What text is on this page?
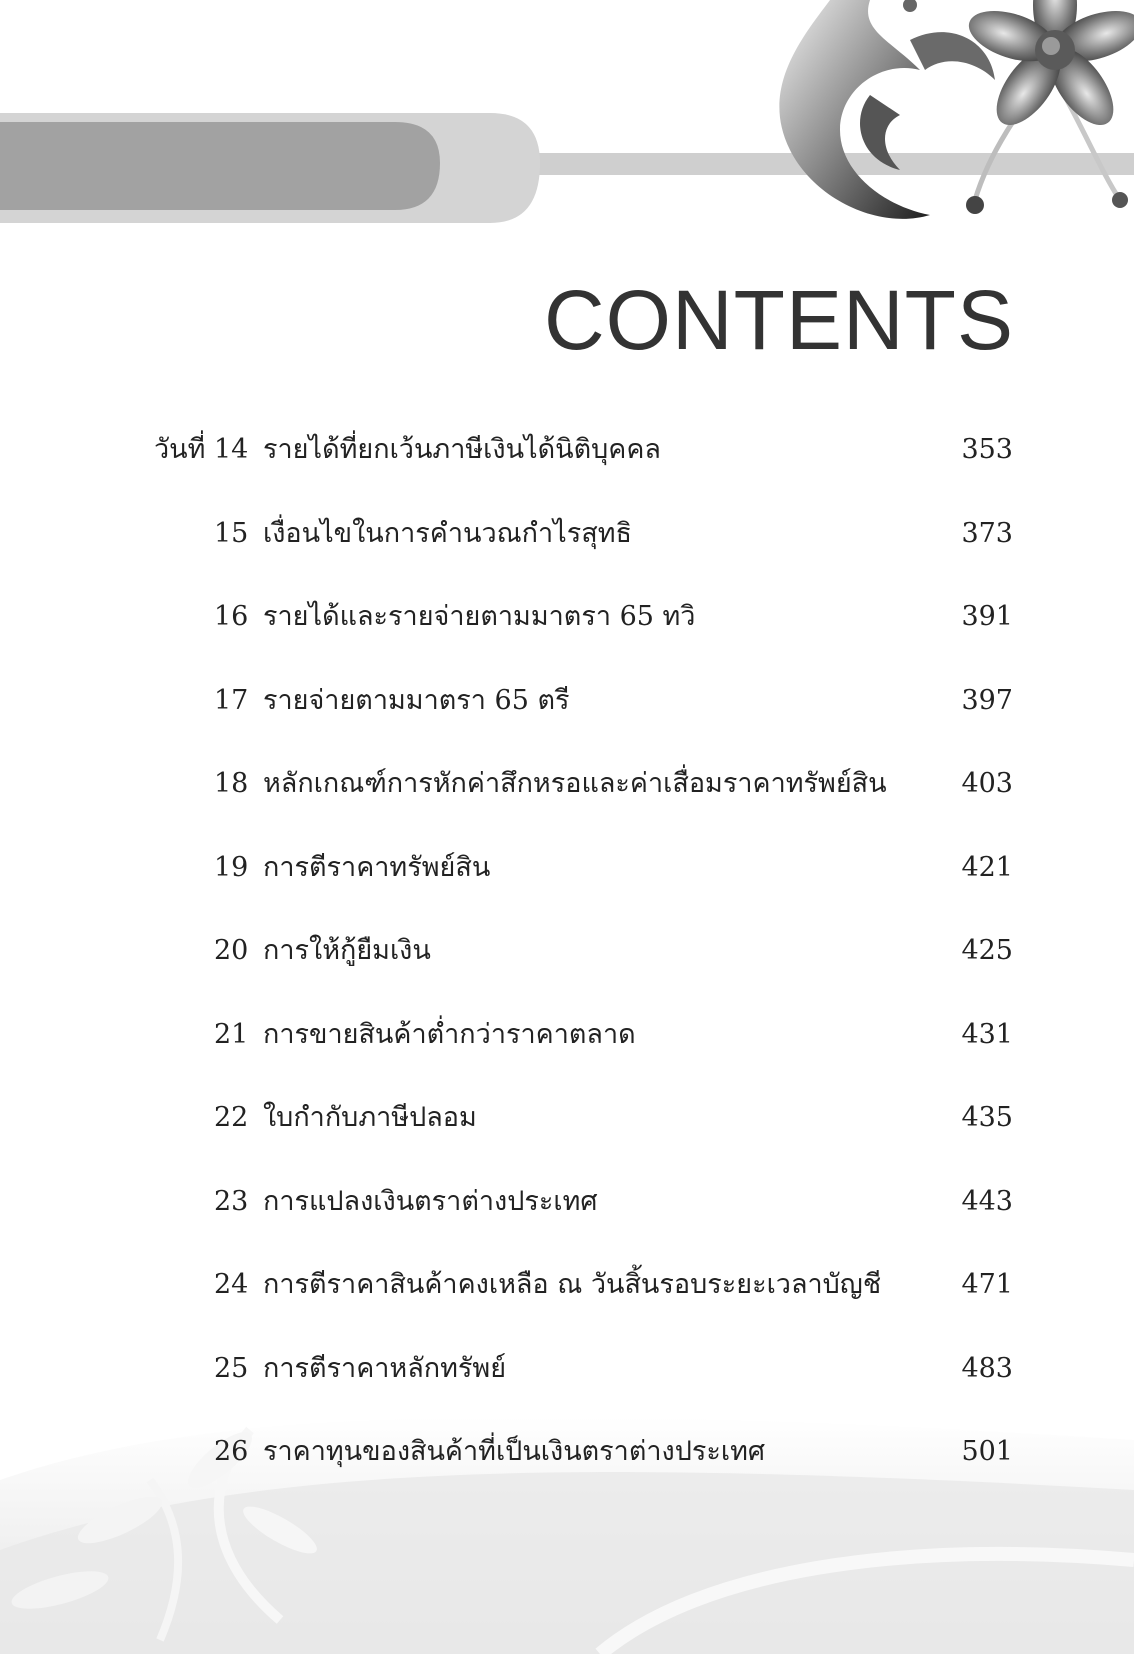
CONTENTS
วันที่ 14 รายได้ที่ยกเว้นภาษีเงินได้นิติบุคคล	353
15 เงื่อนไขในการคำนวณกำไรสุทธิ	373
16 รายได้และรายจ่ายตามมาตรา 65 ทวิ	391
17 รายจ่ายตามมาตรา 65 ตรี	397
18 หลักเกณฑ์การหักค่าสึกหรอและค่าเสื่อมราคาทรัพย์สิน	403
19 การตีราคาทรัพย์สิน	421
20 การให้กู้ยืมเงิน	425
21 การขายสินค้าต่ำกว่าราคาตลาด	431
22 ใบกำกับภาษีปลอม	435
23 การแปลงเงินตราต่างประเทศ	443
24 การตีราคาสินค้าคงเหลือ ณ วันสิ้นรอบระยะเวลาบัญชี	471
25 การตีราคาหลักทรัพย์	483
26 ราคาทุนของสินค้าที่เป็นเงินตราต่างประเทศ	501
